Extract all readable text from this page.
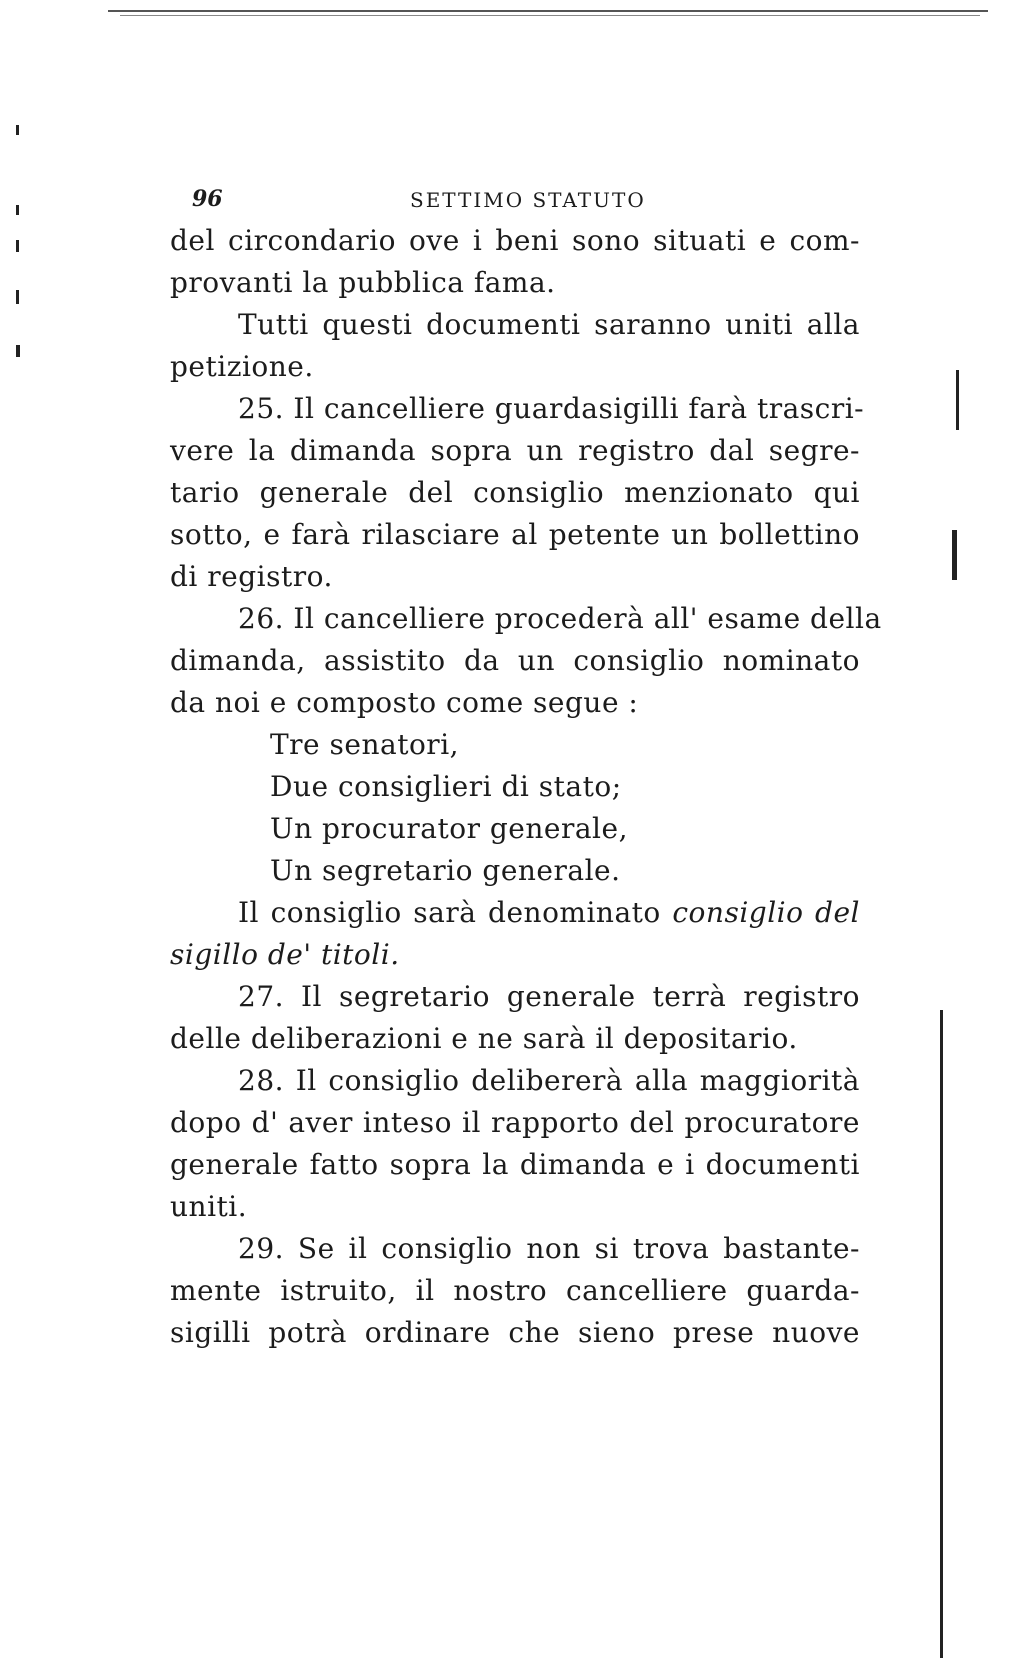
96	SETTIMO STATUTO
del circondario ove i beni sono situati e com-
provanti la pubblica fama.
Tutti questi documenti saranno uniti alla
petizione.
25. Il cancelliere guardasigilli farà trascri-
vere la dimanda sopra un registro dal segre-
tario generale del consiglio menzionato qui
sotto, e farà rilasciare al petente un bollettino
di registro.
26. Il cancelliere procederà all' esame della
dimanda, assistito da un consiglio nominato
da noi e composto come segue :
Tre senatori,
Due consiglieri di stato;
Un procurator generale,
Un segretario generale.
Il consiglio sarà denominato consiglio del
sigillo de' titoli.
27. Il segretario generale terrà registro
delle deliberazioni e ne sarà il depositario.
28. Il consiglio delibererà alla maggiorità
dopo d' aver inteso il rapporto del procuratore
generale fatto sopra la dimanda e i documenti
uniti.
29. Se il consiglio non si trova bastante-
mente istruito, il nostro cancelliere guarda-
sigilli potrà ordinare che sieno prese nuove
